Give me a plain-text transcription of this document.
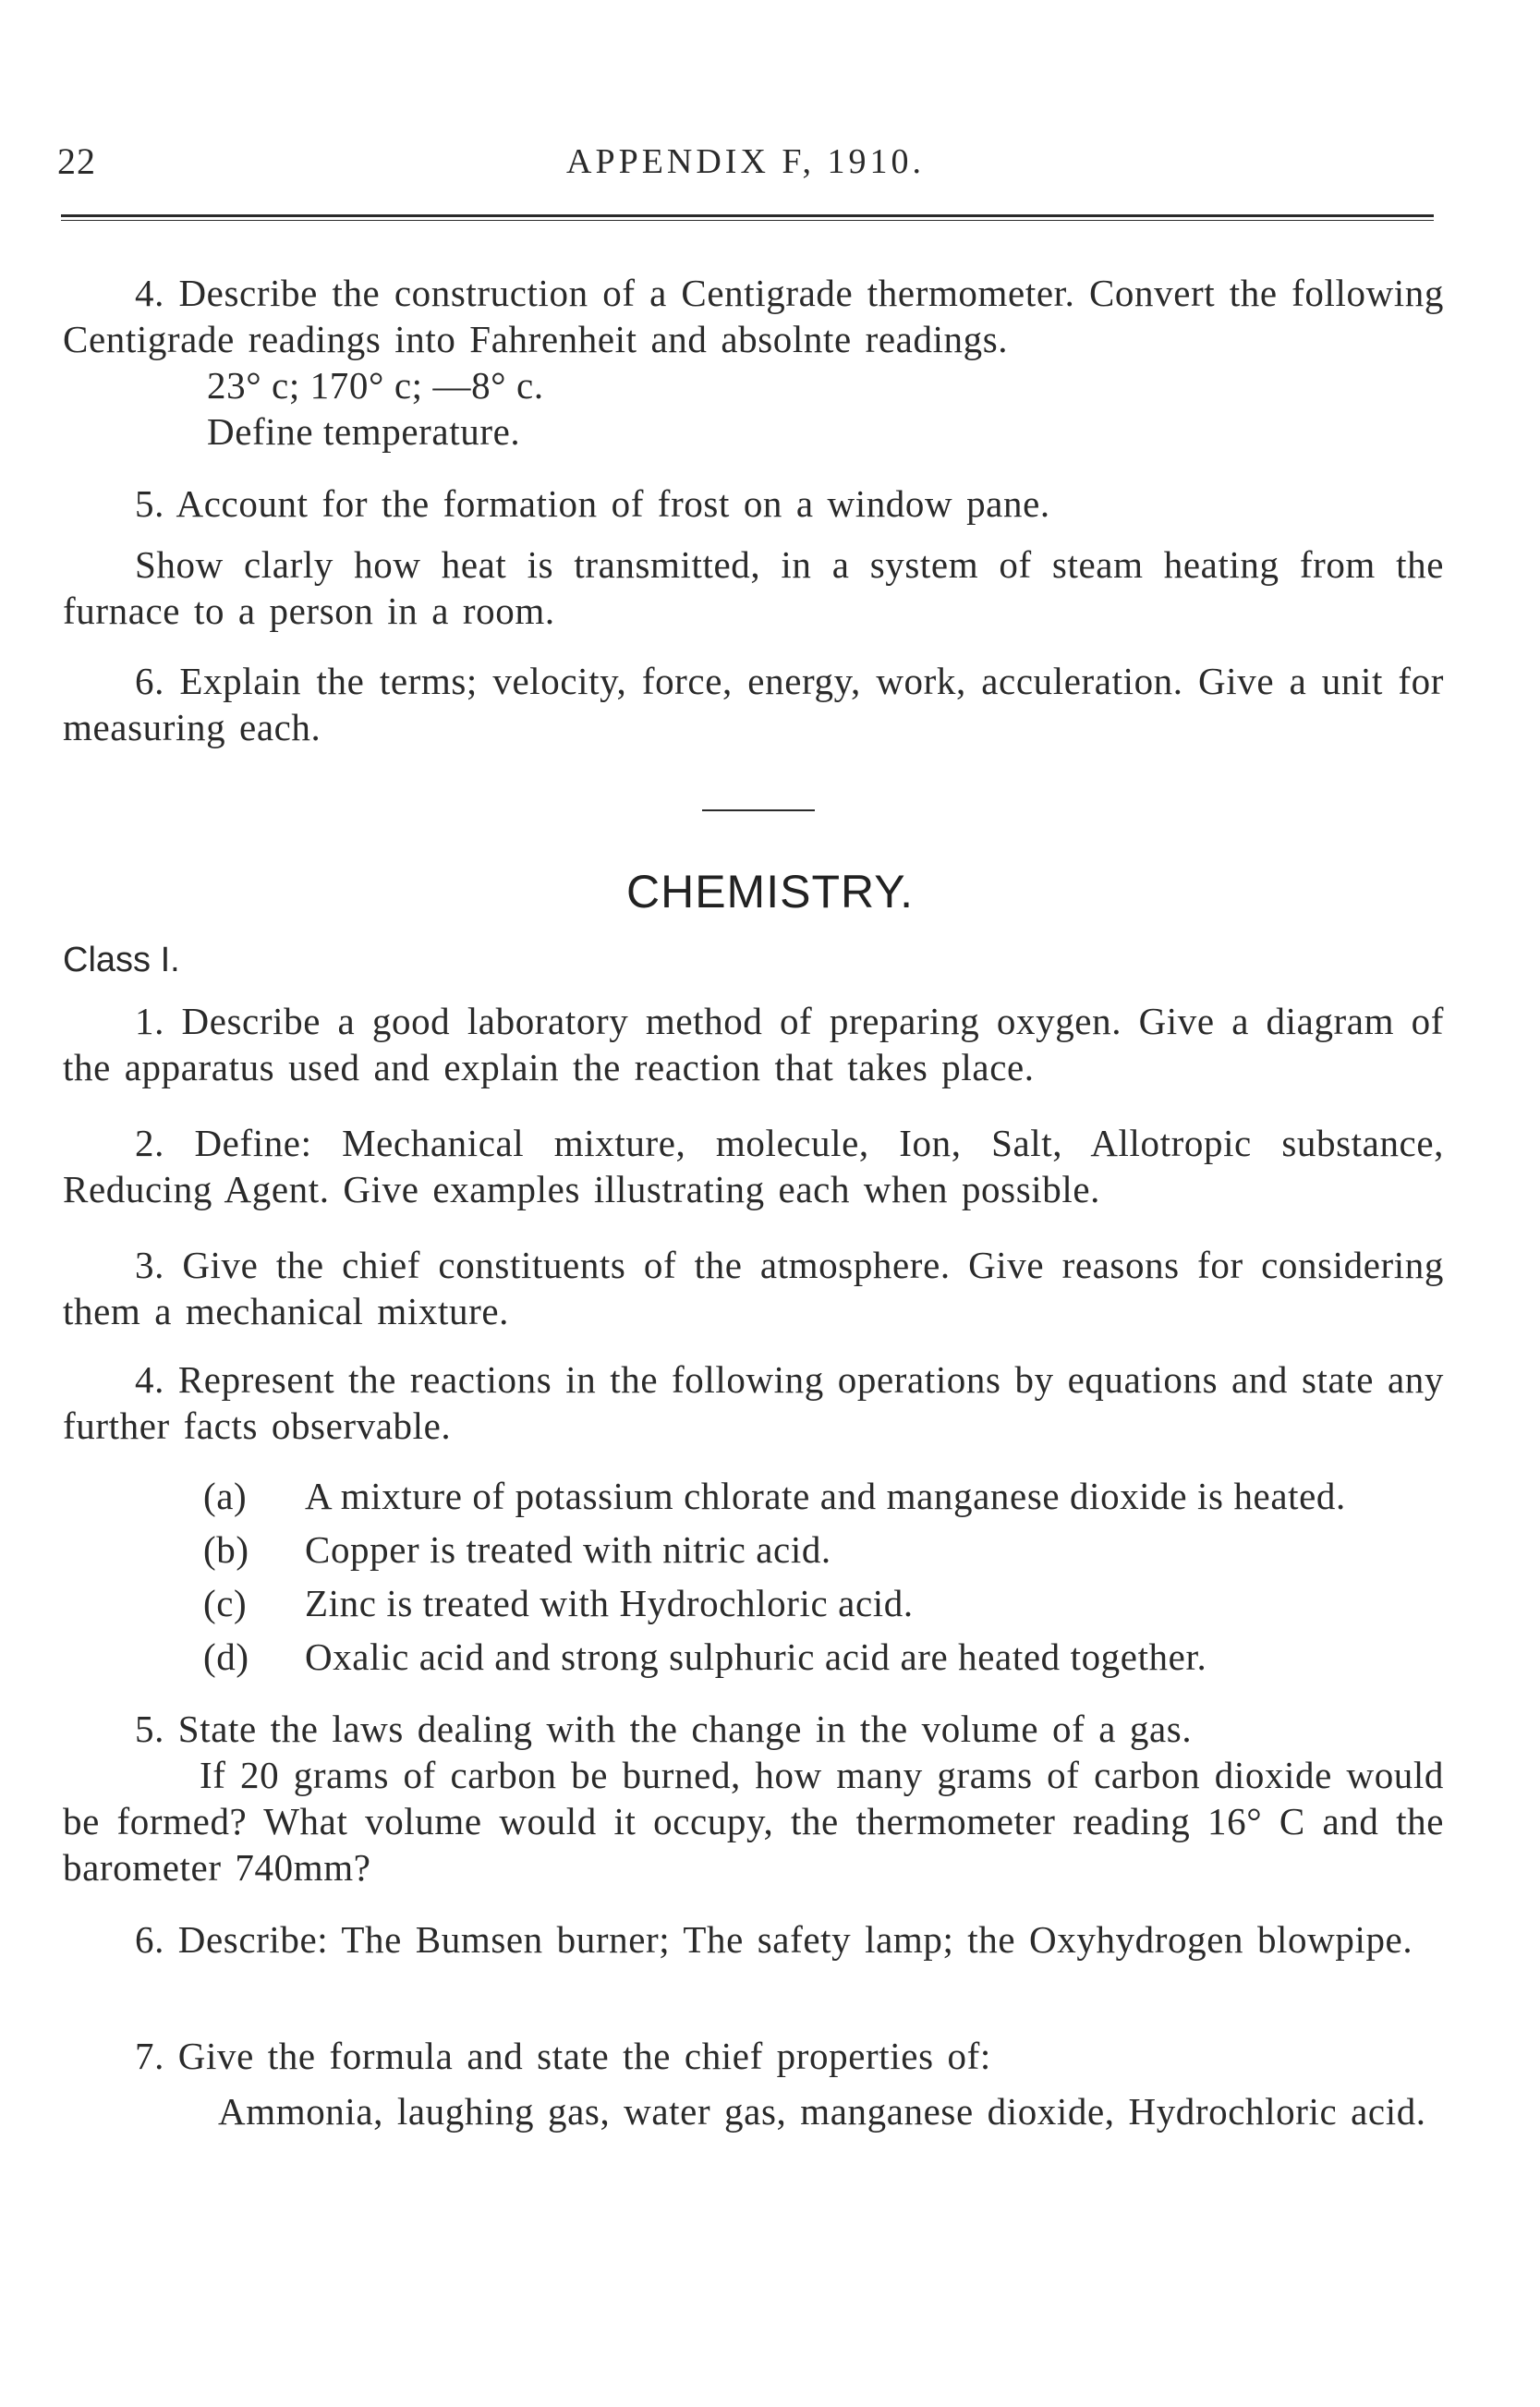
22	APPENDIX F, 1910.

4. Describe the construction of a Centigrade thermometer. Convert the following Centigrade readings into Fahrenheit and absolnte readings.

23° c; 170° c; —8° c.

Define temperature.

5. Account for the formation of frost on a window pane.

Show clarly how heat is transmitted, in a system of steam heating from the furnace to a person in a room.

6. Explain the terms; velocity, force, energy, work, acculeration. Give a unit for measuring each.

CHEMISTRY.
Class I.

1. Describe a good laboratory method of preparing oxygen. Give a diagram of the apparatus used and explain the reaction that takes place.

2. Define: Mechanical mixture, molecule, Ion, Salt, Allotropic substance, Reducing Agent. Give examples illustrating each when possible.

3. Give the chief constituents of the atmosphere. Give reasons for considering them a mechanical mixture.

4. Represent the reactions in the following operations by equations and state any further facts observable.

(a) A mixture of potassium chlorate and manganese dioxide is heated.

(b) Copper is treated with nitric acid.

(c) Zinc is treated with Hydrochloric acid.

(d) Oxalic acid and strong sulphuric acid are heated together.

5. State the laws dealing with the change in the volume of a gas.

If 20 grams of carbon be burned, how many grams of carbon dioxide would be formed? What volume would it occupy, the thermometer reading 16° C and the barometer 740mm?

6. Describe: The Bumsen burner; The safety lamp; the Oxyhydrogen blowpipe.

7. Give the formula and state the chief properties of:

Ammonia, laughing gas, water gas, manganese dioxide, Hydrochloric acid.
